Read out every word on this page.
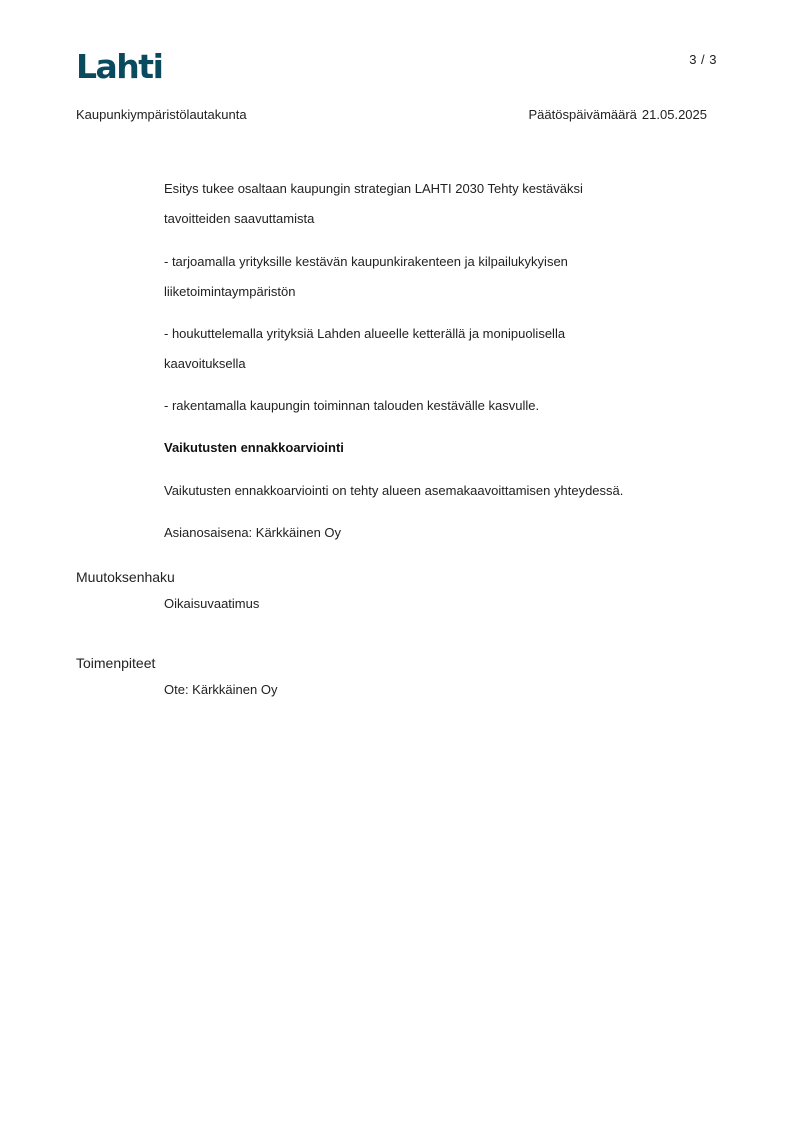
Lahti	3 / 3
Kaupunkiympäristölautakunta	Päätöspäivämäärä 21.05.2025

Esitys tukee osaltaan kaupungin strategian LAHTI 2030 Tehty kestäväksi
tavoitteiden saavuttamista

- tarjoamalla yrityksille kestävän kaupunkirakenteen ja kilpailukykyisen
liiketoimintaympäristön

- houkuttelemalla yrityksiä Lahden alueelle ketterällä ja monipuolisella
kaavoituksella

- rakentamalla kaupungin toiminnan talouden kestävälle kasvulle.

Vaikutusten ennakkoarviointi

Vaikutusten ennakkoarviointi on tehty alueen asemakaavoittamisen yhteydessä.

Asianosaisena: Kärkkäinen Oy

Muutoksenhaku
Oikaisuvaatimus
Toimenpiteet
Ote: Kärkkäinen Oy
